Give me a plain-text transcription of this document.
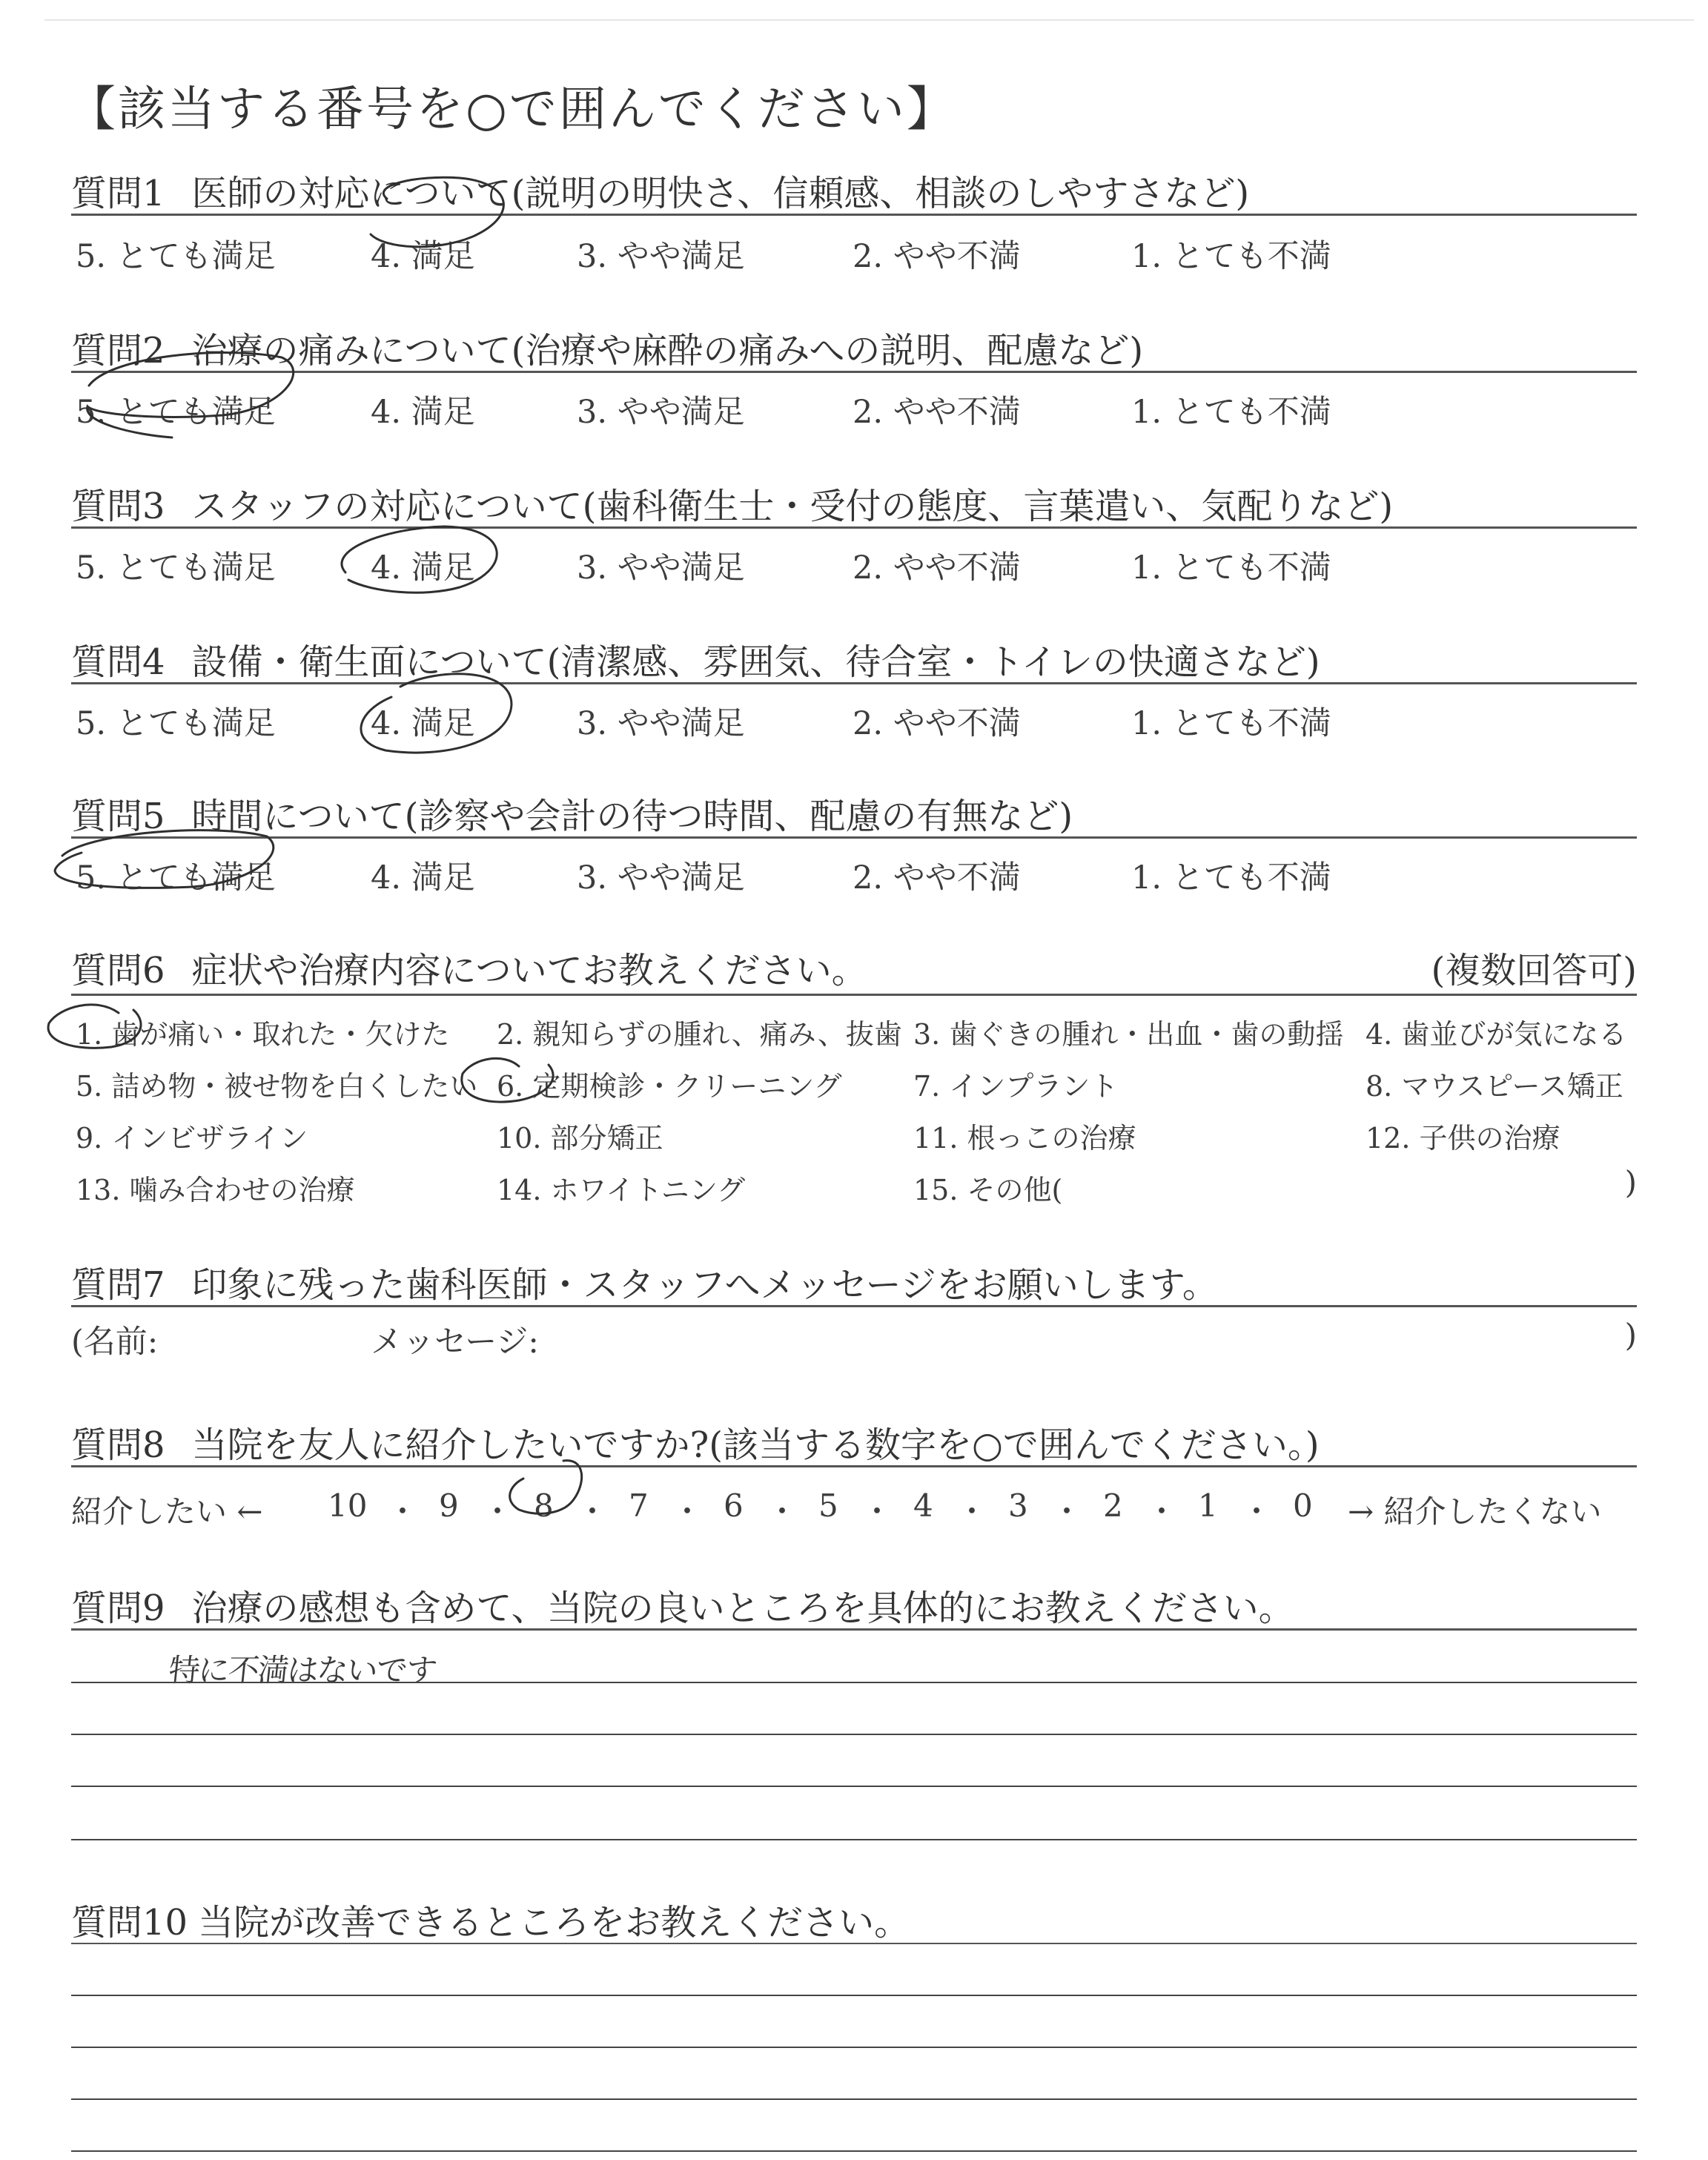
【該当する番号を○で囲んでください】
質問1 医師の対応について(説明の明快さ、信頼感、相談のしやすさなど)
5. とても満足	4. 満足	3. やや満足	2. やや不満	1. とても不満
質問2 治療の痛みについて(治療や麻酔の痛みへの説明、配慮など)
5. とても満足	4. 満足	3. やや満足	2. やや不満	1. とても不満
質問3 スタッフの対応について(歯科衛生士・受付の態度、言葉遣い、気配りなど)
5. とても満足	4. 満足	3. やや満足	2. やや不満	1. とても不満
質問4 設備・衛生面について(清潔感、雰囲気、待合室・トイレの快適さなど)
5. とても満足	4. 満足	3. やや満足	2. やや不満	1. とても不満
質問5 時間について(診察や会計の待つ時間、配慮の有無など)
5. とても満足	4. 満足	3. やや満足	2. やや不満	1. とても不満
質問6 症状や治療内容についてお教えください。	(複数回答可)
1. 歯が痛い・取れた・欠けた 2. 親知らずの腫れ、痛み、抜歯 3. 歯ぐきの腫れ・出血・歯の動揺 4. 歯並びが気になる
5. 詰め物・被せ物を白くしたい 6. 定期検診・クリーニング	7. インプラント	8. マウスピース矯正
9. インビザライン	10. 部分矯正	11. 根っこの治療	12. 子供の治療
13. 噛み合わせの治療	14. ホワイトニング	15. その他(	)
質問7 印象に残った歯科医師・スタッフへメッセージをお願いします。
(名前:	メッセージ:	)
質問8 当院を友人に紹介したいですか?(該当する数字を○で囲んでください。)
紹介したい ← 10 ・ 9 ・ 8 ・ 7 ・ 6 ・ 5 ・ 4 ・ 3 ・ 2 ・ 1 ・ 0 → 紹介したくない
質問9 治療の感想も含めて、当院の良いところを具体的にお教えください。
特に不満はないです
質問10 当院が改善できるところをお教えください。
